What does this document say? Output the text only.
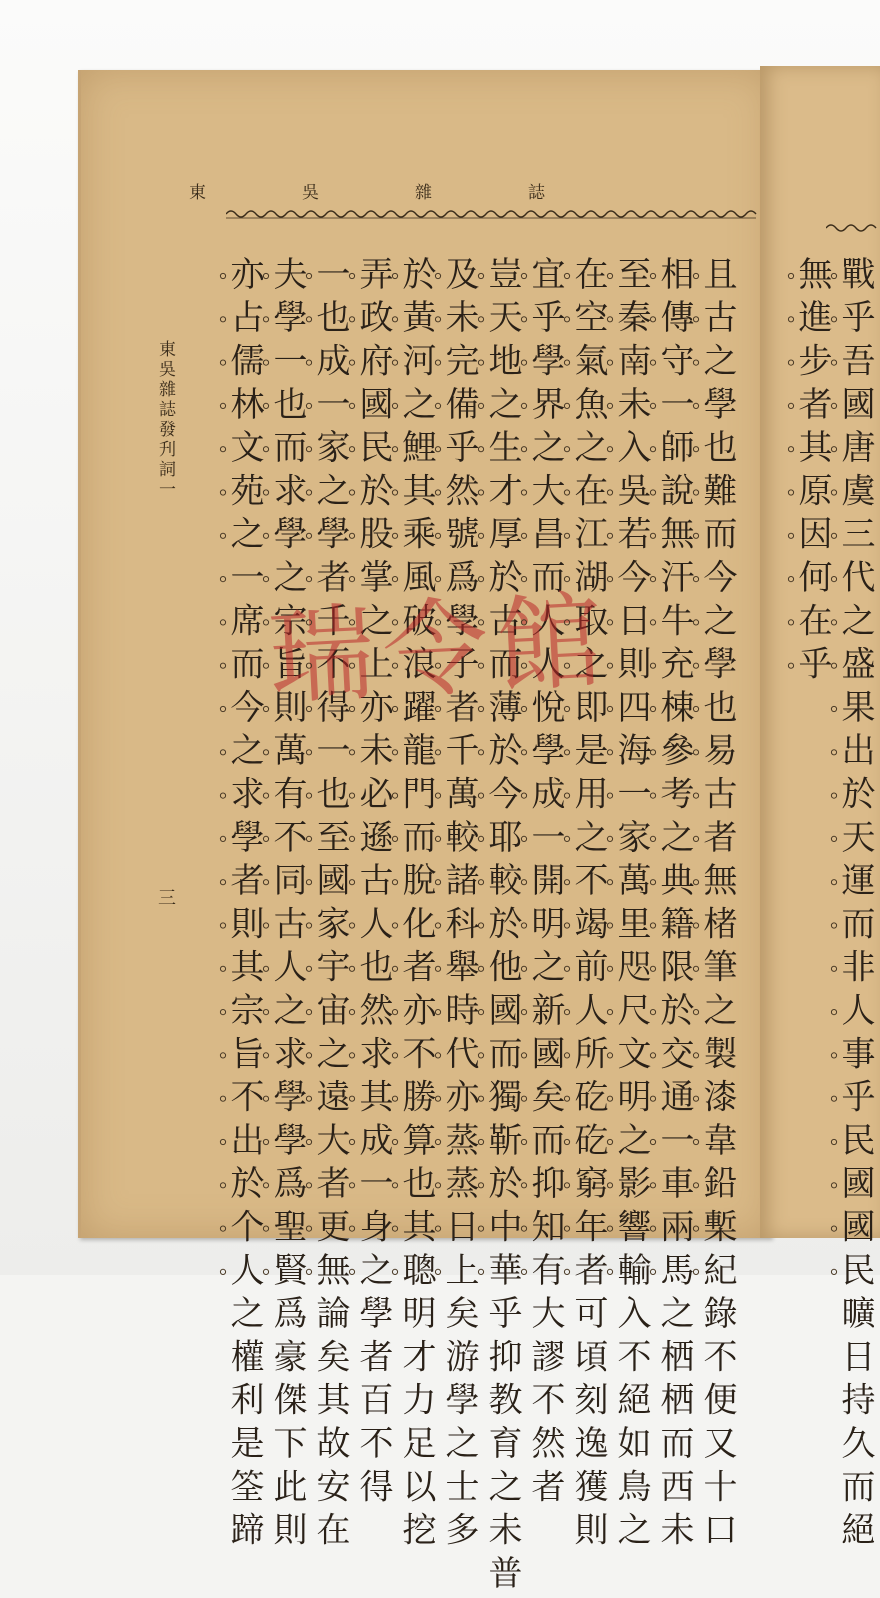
東吳雜誌
東吳雜誌發刋詞一
三	且古之學也難而今之學也易古者無楮筆之製漆韋鉛槧紀錄不便又十口
相傳守一師說無汗牛充棟參考之典籍限於交通一車兩馬之栖栖而西未
至秦南未入吳若今日則四海一家萬里咫尺文明之影響輸入不絕如鳥之
在空氣魚之在江湖取之即是用之不竭前人所矻矻窮年者可頃刻逸獲則
宜乎學界之大昌而人人悅學成一開明之新國矣而抑知有大謬不然者
豈天地之生才厚於古而薄於今耶較於他國而獨靳於中華乎抑教育之未普
及未完備乎然號爲學子者千萬較諸科舉時代亦蒸蒸日上矣游學之士多
於黃河之鯉其乘風破浪躍龍門而脫化者亦不勝算也其聰明才力足以挖
弄政府國民於股掌之上亦未必遜古人也然求其成一身之學者百不得
一也成一家之學者千不得一也至國家宇宙之遠大者更無論矣其故安在
夫學一也而求學之宗旨則萬有不同古人之求學學爲聖賢爲豪傑下此則
亦占儒林文苑之一席而今之求學者則其宗旨不出於个人之權利是筌蹄	戰乎吾國唐虞三代之盛果出於天運而非人事乎民國國民曠日持久而絕
無進步者其原因何在乎
瑞令館
